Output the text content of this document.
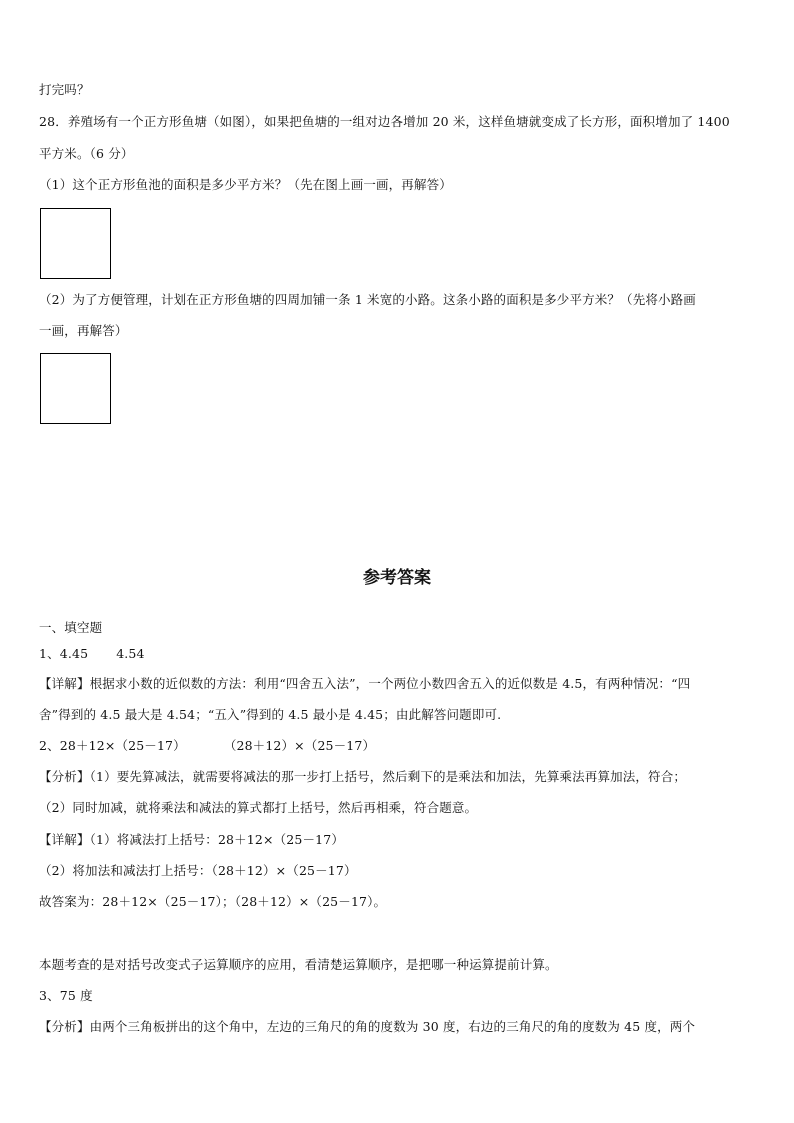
打完吗？
28．养殖场有一个正方形鱼塘（如图），如果把鱼塘的一组对边各增加 20 米，这样鱼塘就变成了长方形，面积增加了 1400
平方米。（6 分）
（1）这个正方形鱼池的面积是多少平方米？（先在图上画一画，再解答）
（2）为了方便管理，计划在正方形鱼塘的四周加铺一条 1 米宽的小路。这条小路的面积是多少平方米？（先将小路画
一画，再解答）
参考答案
一、填空题
1、4.45 4.54
【详解】根据求小数的近似数的方法：利用“四舍五入法”，一个两位小数四舍五入的近似数是 4.5，有两种情况：“四
舍”得到的 4.5 最大是 4.54；“五入”得到的 4.5 最小是 4.45；由此解答问题即可.
2、28＋12×（25－17）	（28＋12）×（25－17）
【分析】（1）要先算减法，就需要将减法的那一步打上括号，然后剩下的是乘法和加法，先算乘法再算加法，符合；
（2）同时加减，就将乘法和减法的算式都打上括号，然后再相乘，符合题意。
【详解】（1）将减法打上括号：28＋12×（25－17）
（2）将加法和减法打上括号：（28＋12）×（25－17）
故答案为：28＋12×（25－17）；（28＋12）×（25－17）。
本题考查的是对括号改变式子运算顺序的应用，看清楚运算顺序，是把哪一种运算提前计算。
3、75 度
【分析】由两个三角板拼出的这个角中，左边的三角尺的角的度数为 30 度，右边的三角尺的角的度数为 45 度，两个
